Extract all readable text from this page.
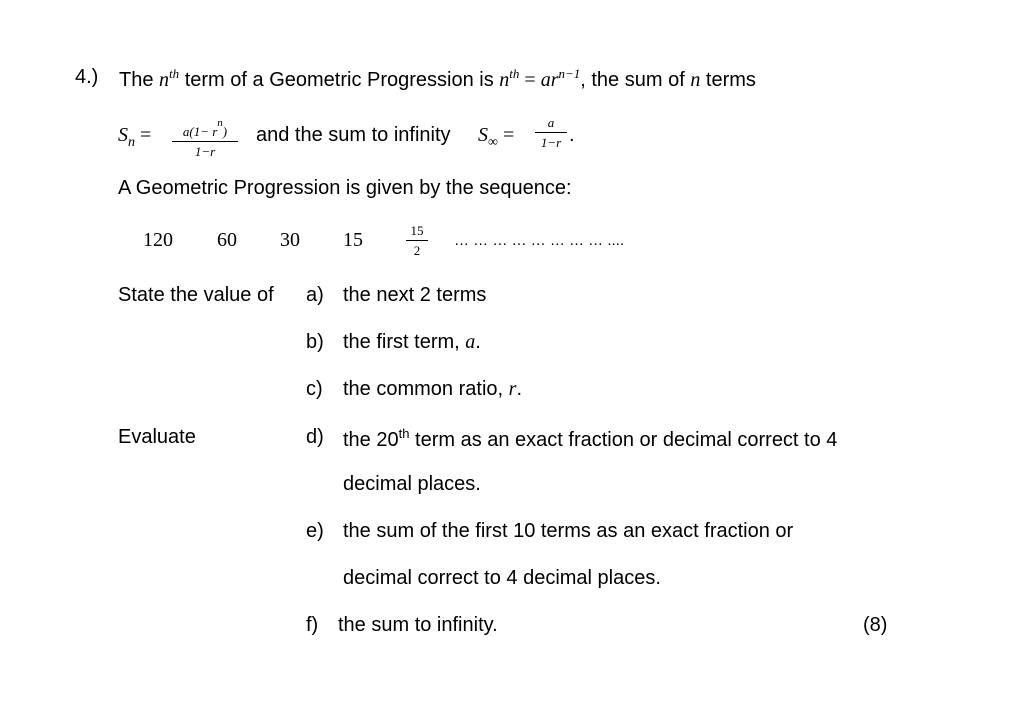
4.) The $n^{th}$ term of a Geometric Progression is $n^{th} = ar^{n-1}$, the sum of n terms
$S_n = a(1- r^n)$
1−r
and the sum to infinity $S_\infty$ =
a
1−r .
A Geometric Progression is given by the sequence:
120 60 30 15	15
2
… … … … … … … … ....
State the value of a) the next 2 terms
b) the first term, a.
c) the common ratio, r.
Evaluate	d) the 20th term as an exact fraction or decimal correct to 4
decimal places.
e) the sum of the first 10 terms as an exact fraction or
decimal correct to 4 decimal places.
f) the sum to infinity.	(8)
